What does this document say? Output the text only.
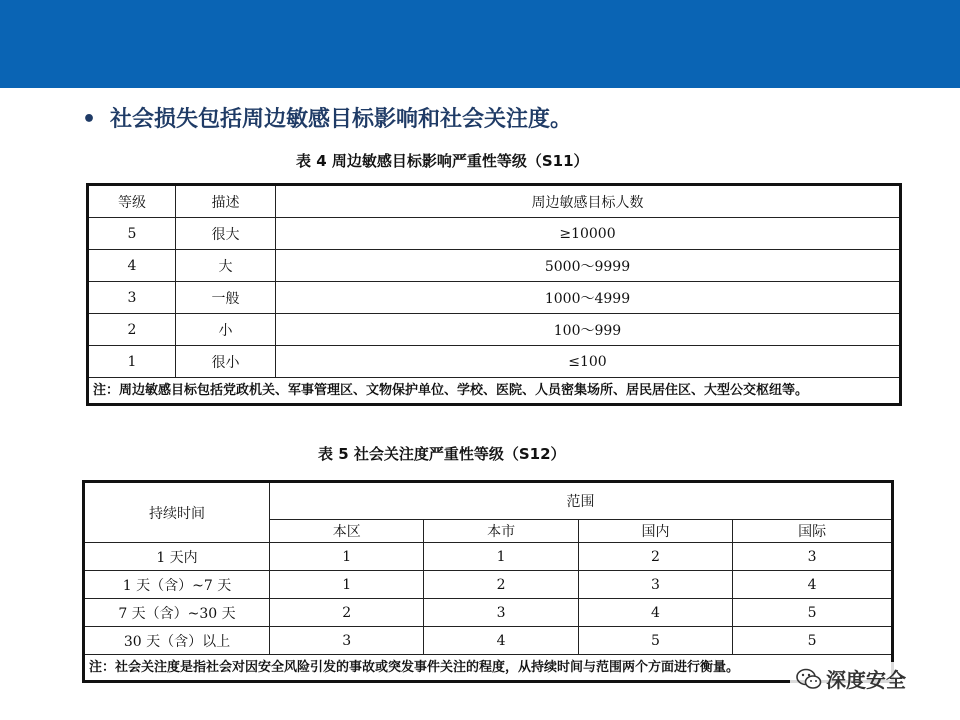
• 社会损失包括周边敏感目标影响和社会关注度。
表 4 周边敏感目标影响严重性等级（S11）
等级	描述	周边敏感目标人数
5	很大	≥10000
4	大	5000～9999
3	一般	1000～4999
2	小	100～999
1	很小	≤100
注：周边敏感目标包括党政机关、军事管理区、文物保护单位、学校、医院、人员密集场所、居民居住区、大型公交枢纽等。		
表 5 社会关注度严重性等级（S12）
持续时间	范围			
	本区	本市	国内	国际
1 天内	1	1	2	3
1 天（含）~7 天	1	2	3	4
7 天（含）~30 天	2	3	4	5
30 天（含）以上	3	4	5	5
注：社会关注度是指社会对因安全风险引发的事故或突发事件关注的程度，从持续时间与范围两个方面进行衡量。				
深度安全
